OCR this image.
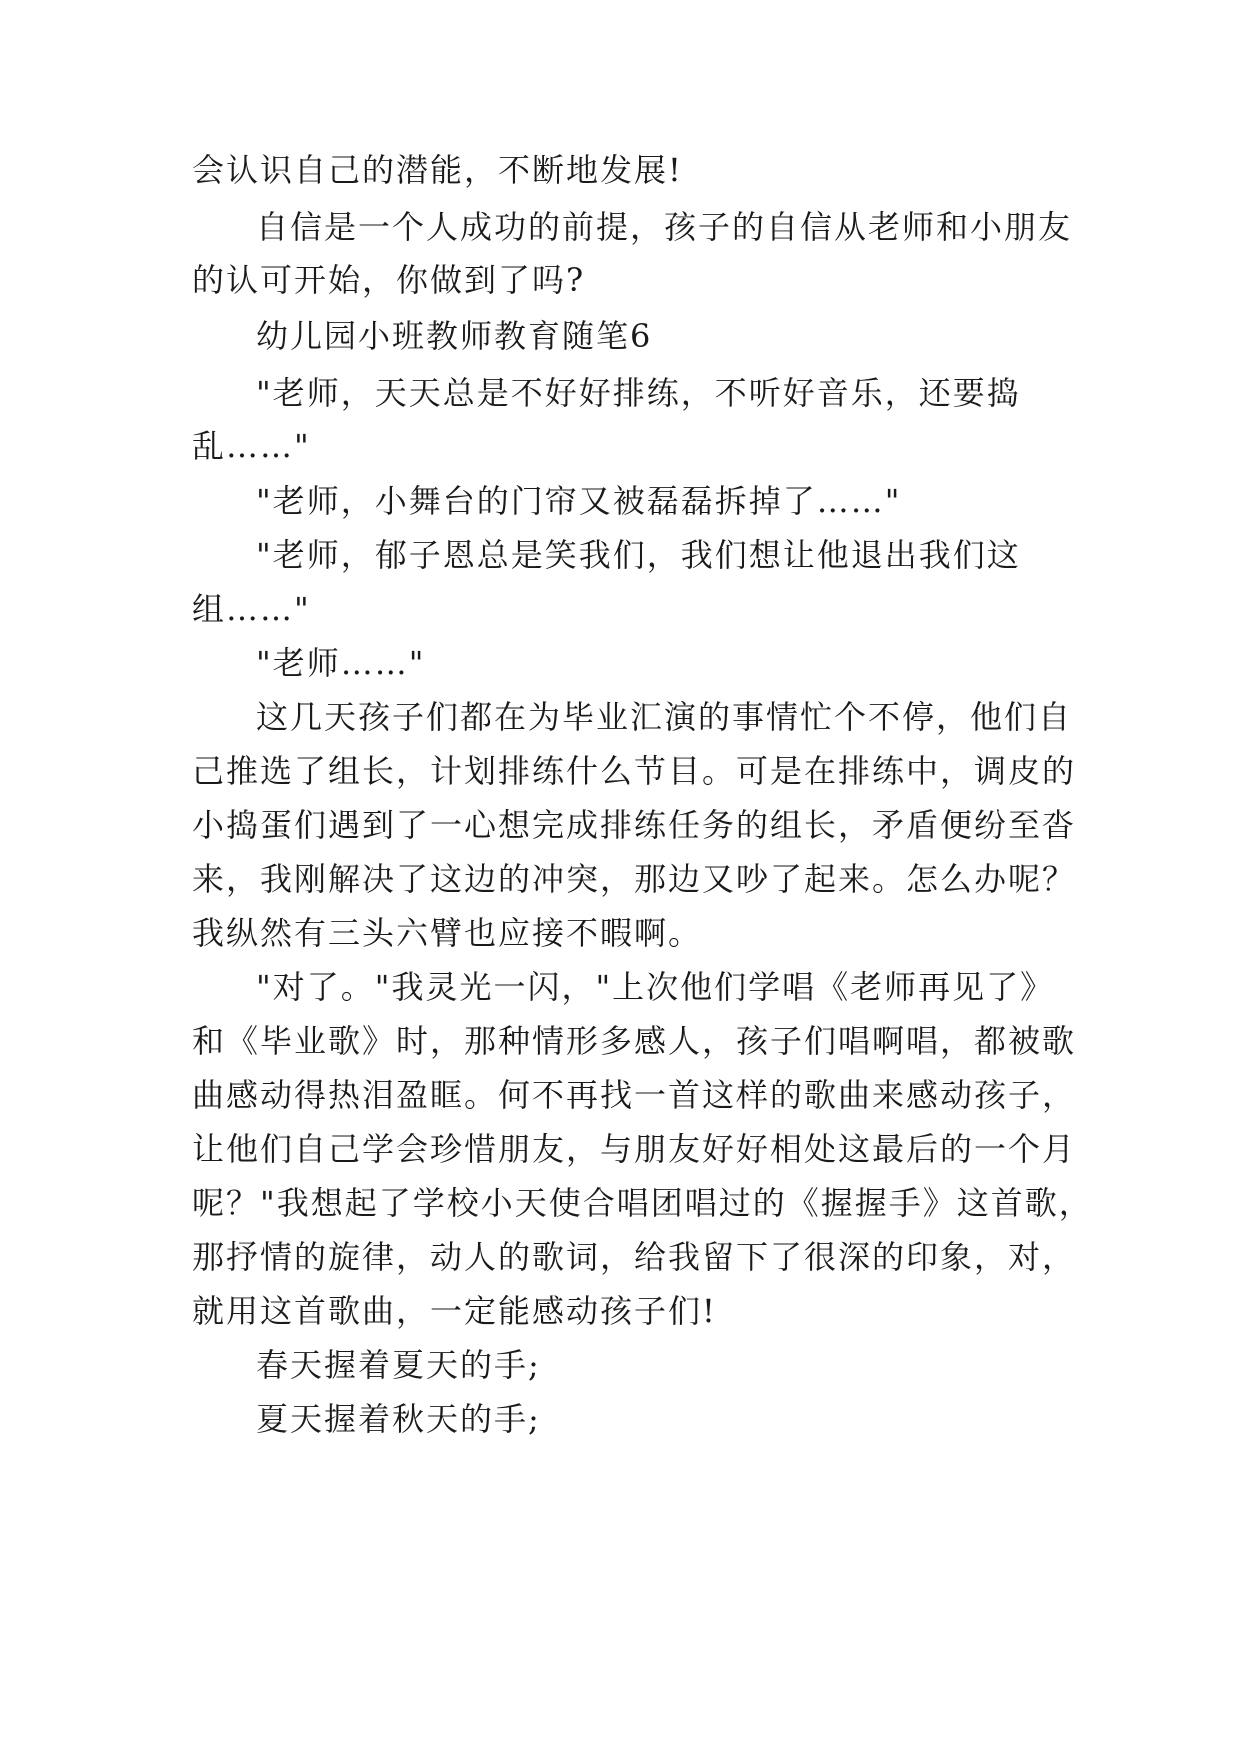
会认识自己的潜能，不断地发展!
自信是一个人成功的前提，孩子的自信从老师和小朋友
的认可开始，你做到了吗?
幼儿园小班教师教育随笔6
"老师，天天总是不好好排练，不听好音乐，还要捣
乱……"
"老师，小舞台的门帘又被磊磊拆掉了……"
"老师，郁子恩总是笑我们，我们想让他退出我们这
组……"
"老师……"
这几天孩子们都在为毕业汇演的事情忙个不停，他们自
己推选了组长，计划排练什么节目。可是在排练中，调皮的
小捣蛋们遇到了一心想完成排练任务的组长，矛盾便纷至沓
来，我刚解决了这边的冲突，那边又吵了起来。怎么办呢？
我纵然有三头六臂也应接不暇啊。
"对了。"我灵光一闪，"上次他们学唱《老师再见了》
和《毕业歌》时，那种情形多感人，孩子们唱啊唱，都被歌
曲感动得热泪盈眶。何不再找一首这样的歌曲来感动孩子，
让他们自己学会珍惜朋友，与朋友好好相处这最后的一个月
呢？"我想起了学校小天使合唱团唱过的《握握手》这首歌，
那抒情的旋律，动人的歌词，给我留下了很深的印象，对，
就用这首歌曲，一定能感动孩子们!
春天握着夏天的手;
夏天握着秋天的手;
